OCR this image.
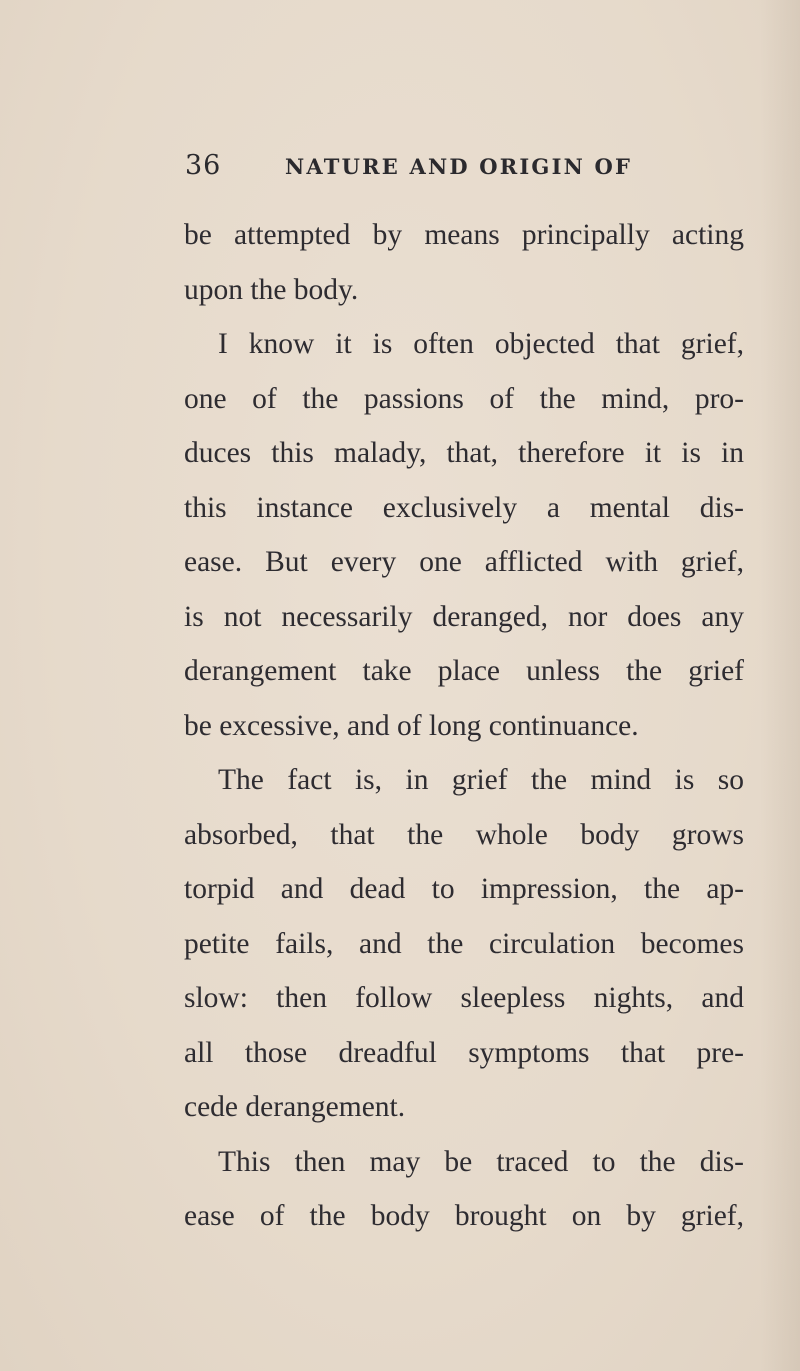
36	NATURE AND ORIGIN OF
be attempted by means principally acting
upon the body.
I know it is often objected that grief,
one of the passions of the mind, pro-
duces this malady, that, therefore it is in
this instance exclusively a mental dis-
ease. But every one afflicted with grief,
is not necessarily deranged, nor does any
derangement take place unless the grief
be excessive, and of long continuance.
The fact is, in grief the mind is so
absorbed, that the whole body grows
torpid and dead to impression, the ap-
petite fails, and the circulation becomes
slow: then follow sleepless nights, and
all those dreadful symptoms that pre-
cede derangement.
This then may be traced to the dis-
ease of the body brought on by grief,
